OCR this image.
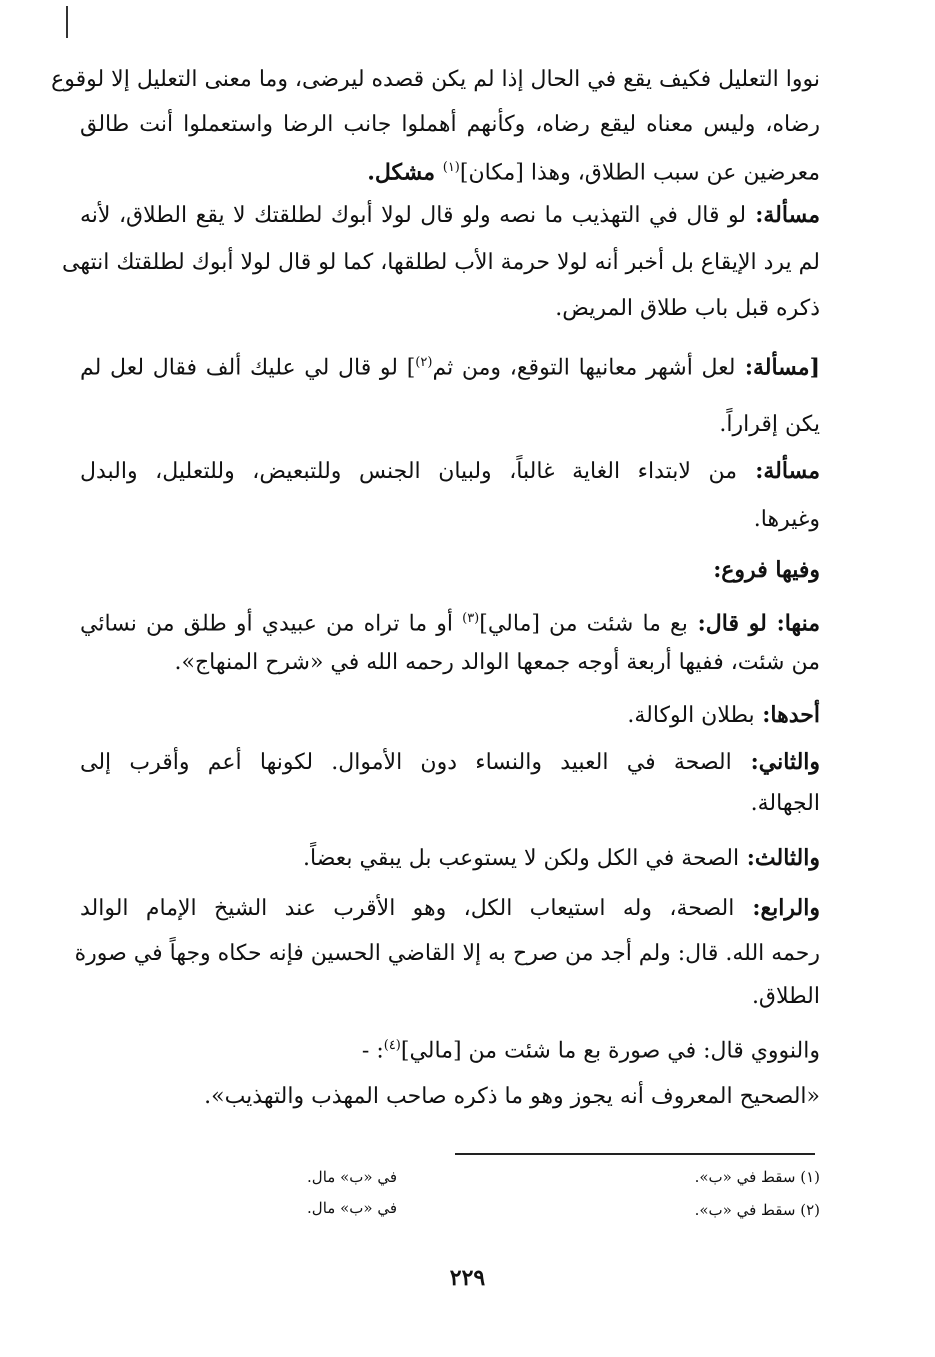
نووا التعليل فكيف يقع في الحال إذا لم يكن قصده ليرضى، وما معنى التعليل إلا لوقوع
رضاه، وليس معناه ليقع رضاه، وكأنهم أهملوا جانب الرضا واستعملوا أنت طالق
معرضين عن سبب الطلاق، وهذا [مكان]$^{(١)}$ مشكل.
مسألة: لو قال في التهذيب ما نصه ولو قال لولا أبوك لطلقتك لا يقع الطلاق، لأنه
لم يرد الإيقاع بل أخبر أنه لولا حرمة الأب لطلقها، كما لو قال لولا أبوك لطلقتك انتهى
ذكره قبل باب طلاق المريض.
[مسألة: لعل أشهر معانيها التوقع، ومن ثم$^{(٢)}$] لو قال لي عليك ألف فقال لعل لم
يكن إقراراً.
مسألة: من لابتداء الغاية غالباً، ولبيان الجنس وللتبعيض، وللتعليل، والبدل
وغيرها.
وفيها فروع:
منها: لو قال: بع ما شئت من [مالي]$^{(٣)}$ أو ما تراه من عبيدي أو طلق من نسائي
من شئت، ففيها أربعة أوجه جمعها الوالد رحمه الله في «شرح المنهاج».
أحدها: بطلان الوكالة.
والثاني: الصحة في العبيد والنساء دون الأموال. لكونها أعم وأقرب إلى
الجهالة.
والثالث: الصحة في الكل ولكن لا يستوعب بل يبقي بعضاً.
والرابع: الصحة، وله استيعاب الكل، وهو الأقرب عند الشيخ الإمام الوالد
رحمه الله. قال: ولم أجد من صرح به إلا القاضي الحسين فإنه حكاه وجهاً في صورة
الطلاق.
والنووي قال: في صورة بع ما شئت من [مالي]$^{(٤)}$: -
«الصحيح المعروف أنه يجوز وهو ما ذكره صاحب المهذب والتهذيب».
(١) سقط في «ب».
(٢) سقط في «ب».
في «ب» مال.
في «ب» مال.
٢٢٩
